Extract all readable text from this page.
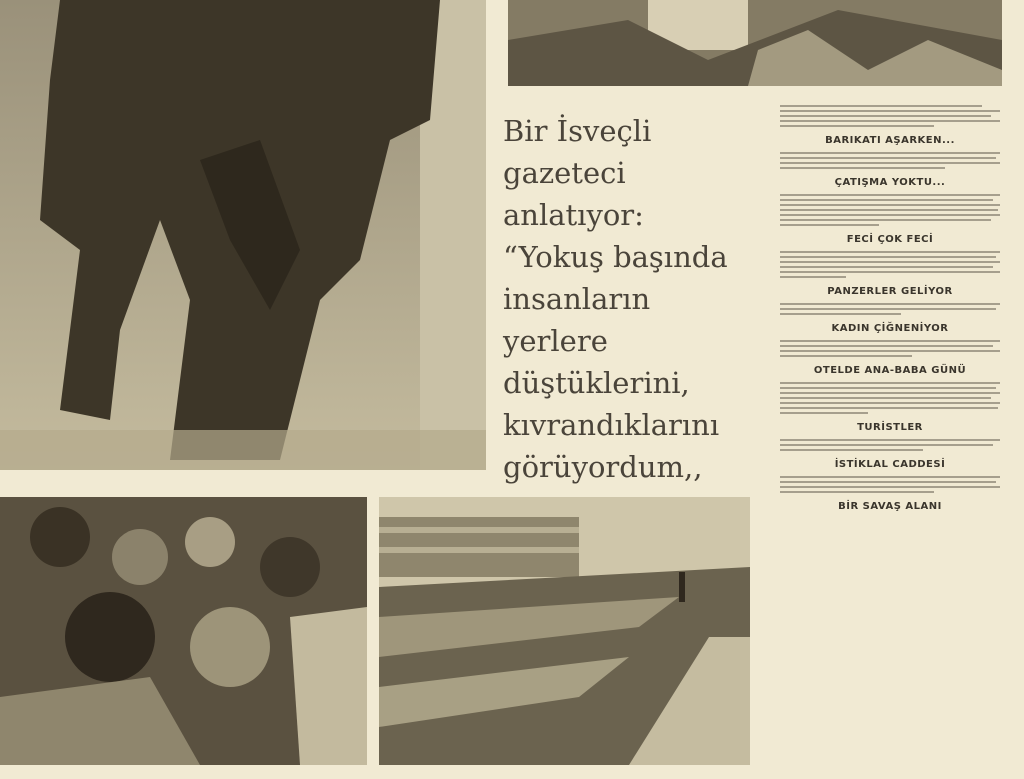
Bir İsveçli
gazeteci
anlatıyor:
“Yokuş başında
insanların
yerlere
düştüklerini,
kıvrandıklarını
görüyordum,,
BARIKATI AŞARKEN...
ÇATIŞMA YOKTU...
FECİ ÇOK FECİ
PANZERLER GELİYOR
KADIN ÇİĞNENİYOR
OTELDE ANA-BABA GÜNÜ
TURİSTLER
İSTİKLAL CADDESİ
BİR SAVAŞ ALANI
